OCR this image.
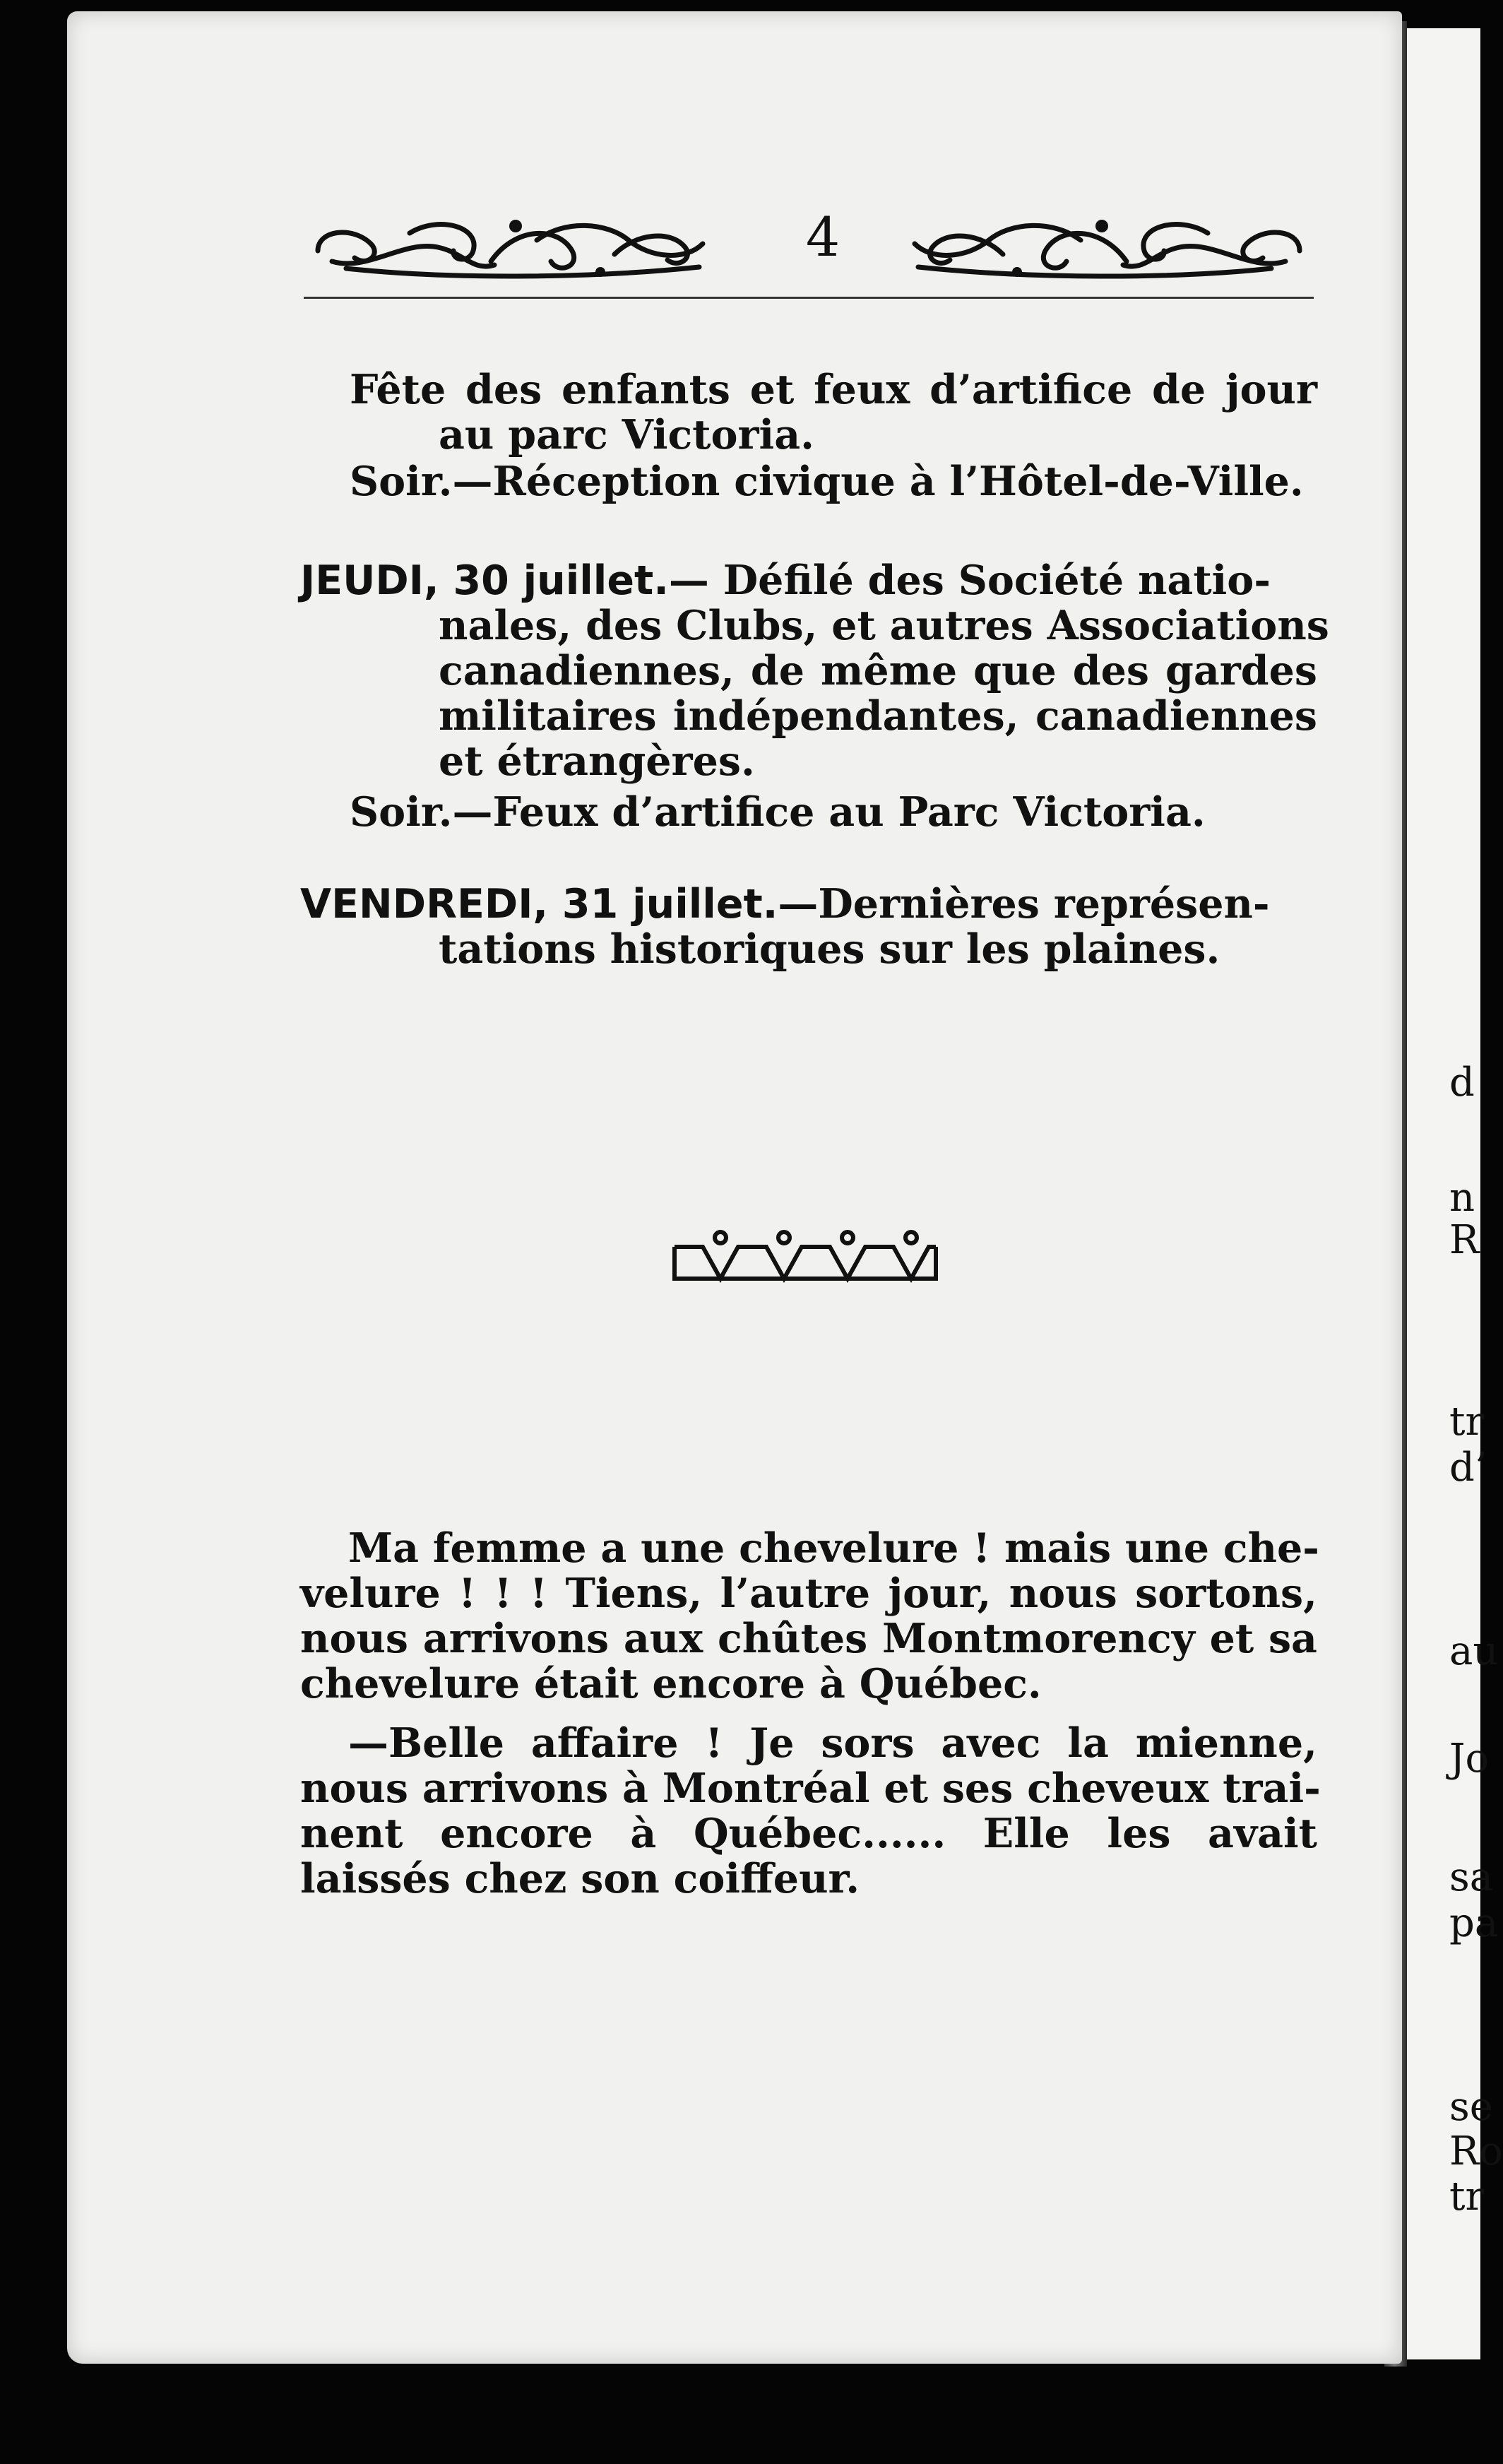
d
n
R
tr
d’
au
Jo
sa
pa
se
Ro
tr
4
Fête des enfants et feux d’artifice de jour
au parc Victoria.
Soir.—Réception civique à l’Hôtel-de-Ville.
JEUDI, 30 juillet.— Défilé des Société natio-
nales, des Clubs, et autres Associations
canadiennes, de même que des gardes
militaires indépendantes, canadiennes
et étrangères.
Soir.—Feux d’artifice au Parc Victoria.
VENDREDI, 31 juillet.—Dernières représen-
tations historiques sur les plaines.
Ma femme a une chevelure ! mais une che-
velure ! ! ! Tiens, l’autre jour, nous sortons,
nous arrivons aux chûtes Montmorency et sa
chevelure était encore à Québec.
—Belle affaire ! Je sors avec la mienne,
nous arrivons à Montréal et ses cheveux trai-
nent encore à Québec...... Elle les avait
laissés chez son coiffeur.
